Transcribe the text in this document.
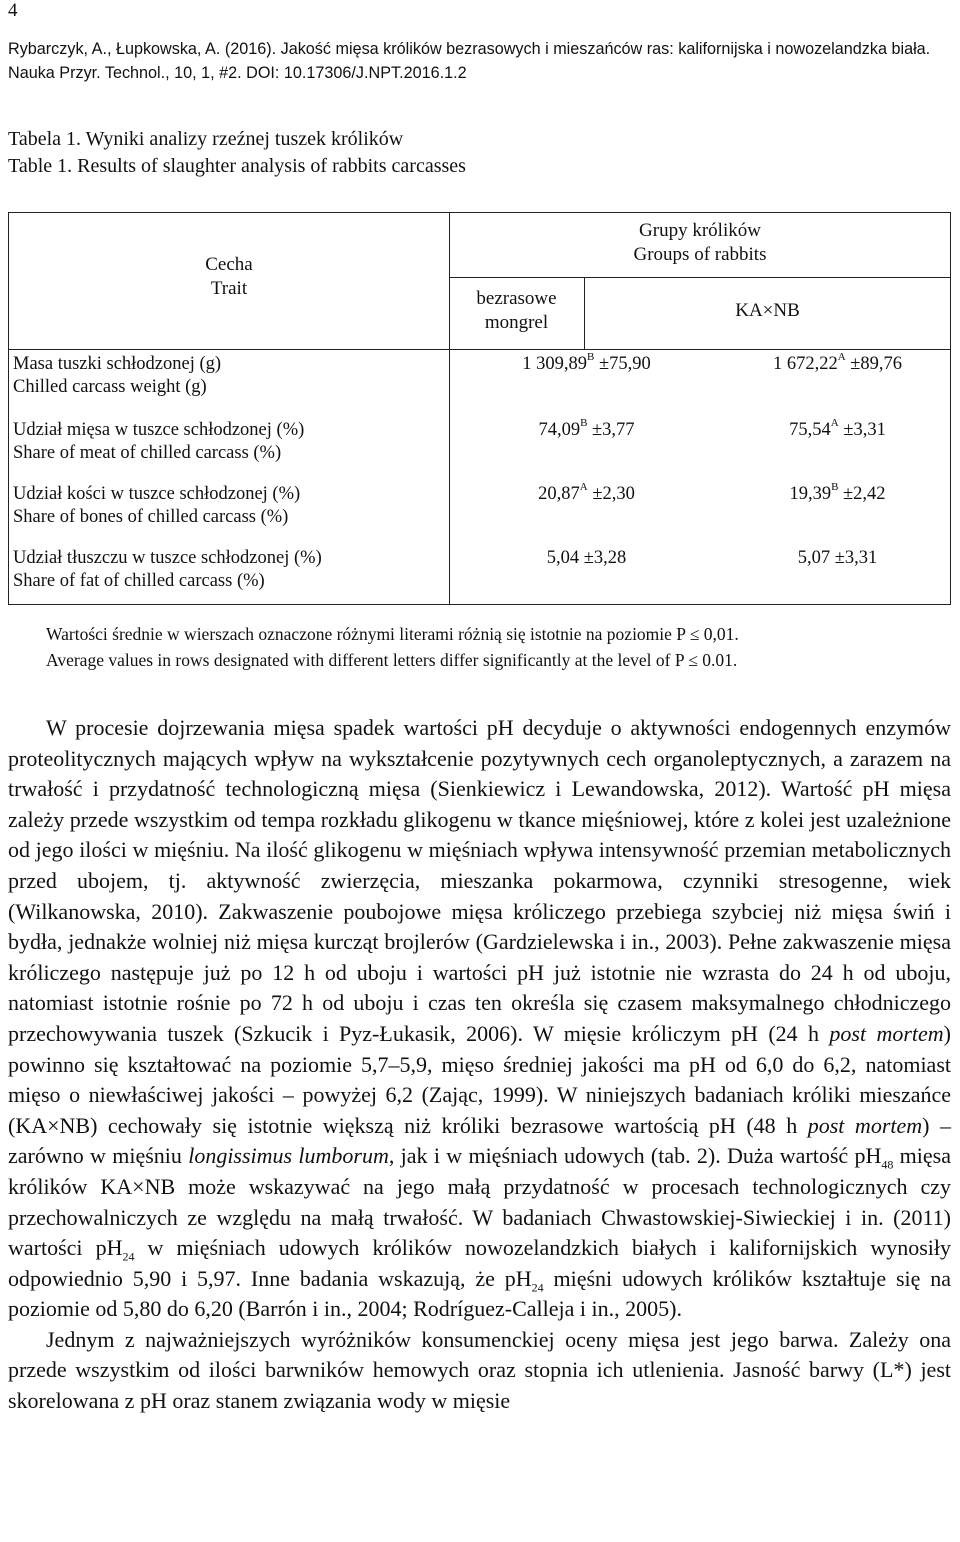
4
Rybarczyk, A., Łupkowska, A. (2016). Jakość mięsa królików bezrasowych i mieszańców ras: kalifornijska i nowozelandzka biała. Nauka Przyr. Technol., 10, 1, #2. DOI: 10.17306/J.NPT.2016.1.2
Tabela 1. Wyniki analizy rzeźnej tuszek królików
Table 1. Results of slaughter analysis of rabbits carcasses
Cecha
Trait
Grupy królików
Groups of rabbits
bezrasowe
mongrel
KA×NB
Masa tuszki schłodzonej (g)
Chilled carcass weight (g)
1 $309,89^B \pm 75,90$	1 $672,22^A \pm 89,76$
Udział mięsa w tuszce schłodzonej (%)
Share of meat of chilled carcass (%)
$74,09^B \pm 3,77$	$75,54^A \pm 3,31$
Udział kości w tuszce schłodzonej (%)
Share of bones of chilled carcass (%)
$20,87^A \pm 2,30$	$19,39^B \pm 2,42$
Udział tłuszczu w tuszce schłodzonej (%)
Share of fat of chilled carcass (%)
5,04 ±3,28	5,07 ±3,31
Wartości średnie w wierszach oznaczone różnymi literami różnią się istotnie na poziomie P ≤ 0,01.
Average values in rows designated with different letters differ significantly at the level of P ≤ 0.01.

W procesie dojrzewania mięsa spadek wartości pH decyduje o aktywności endogennych enzymów proteolitycznych mających wpływ na wykształcenie pozytywnych cech organoleptycznych, a zarazem na trwałość i przydatność technologiczną mięsa (Sienkiewicz i Lewandowska, 2012). Wartość pH mięsa zależy przede wszystkim od tempa rozkładu glikogenu w tkance mięśniowej, które z kolei jest uzależnione od jego ilości w mięśniu. Na ilość glikogenu w mięśniach wpływa intensywność przemian metabolicznych przed ubojem, tj. aktywność zwierzęcia, mieszanka pokarmowa, czynniki stresogenne, wiek (Wilkanowska, 2010). Zakwaszenie poubojowe mięsa króliczego przebiega szybciej niż mięsa świń i bydła, jednakże wolniej niż mięsa kurcząt brojlerów (Gardzielewska i in., 2003). Pełne zakwaszenie mięsa króliczego następuje już po 12 h od uboju i wartości pH już istotnie nie wzrasta do 24 h od uboju, natomiast istotnie rośnie po 72 h od uboju i czas ten określa się czasem maksymalnego chłodniczego przechowywania tuszek (Szkucik i Pyz-Łukasik, 2006). W mięsie króliczym pH (24 h post mortem) powinno się kształtować na poziomie 5,7–5,9, mięso średniej jakości ma pH od 6,0 do 6,2, natomiast mięso o niewłaściwej jakości – powyżej 6,2 (Zając, 1999). W niniejszych badaniach króliki mieszańce (KA×NB) cechowały się istotnie większą niż króliki bezrasowe wartością pH (48 h post mortem) – zarówno w mięśniu longissimus lumborum, jak i w mięśniach udowych (tab. 2). Duża wartość $pH_{48}$ mięsa królików KA×NB może wskazywać na jego małą przydatność w procesach technologicznych czy przechowalniczych ze względu na małą trwałość. W badaniach Chwastowskiej-Siwieckiej i in. (2011) wartości $pH_{24}$ w mięśniach udowych królików nowozelandzkich białych i kalifornijskich wynosiły odpowiednio 5,90 i 5,97. Inne badania wskazują, że $pH_{24}$ mięśni udowych królików kształtuje się na poziomie od 5,80 do 6,20 (Barrón i in., 2004; Rodríguez-Calleja i in., 2005).

Jednym z najważniejszych wyróżników konsumenckiej oceny mięsa jest jego barwa. Zależy ona przede wszystkim od ilości barwników hemowych oraz stopnia ich utlenienia. Jasność barwy (L*) jest skorelowana z pH oraz stanem związania wody w mięsie
